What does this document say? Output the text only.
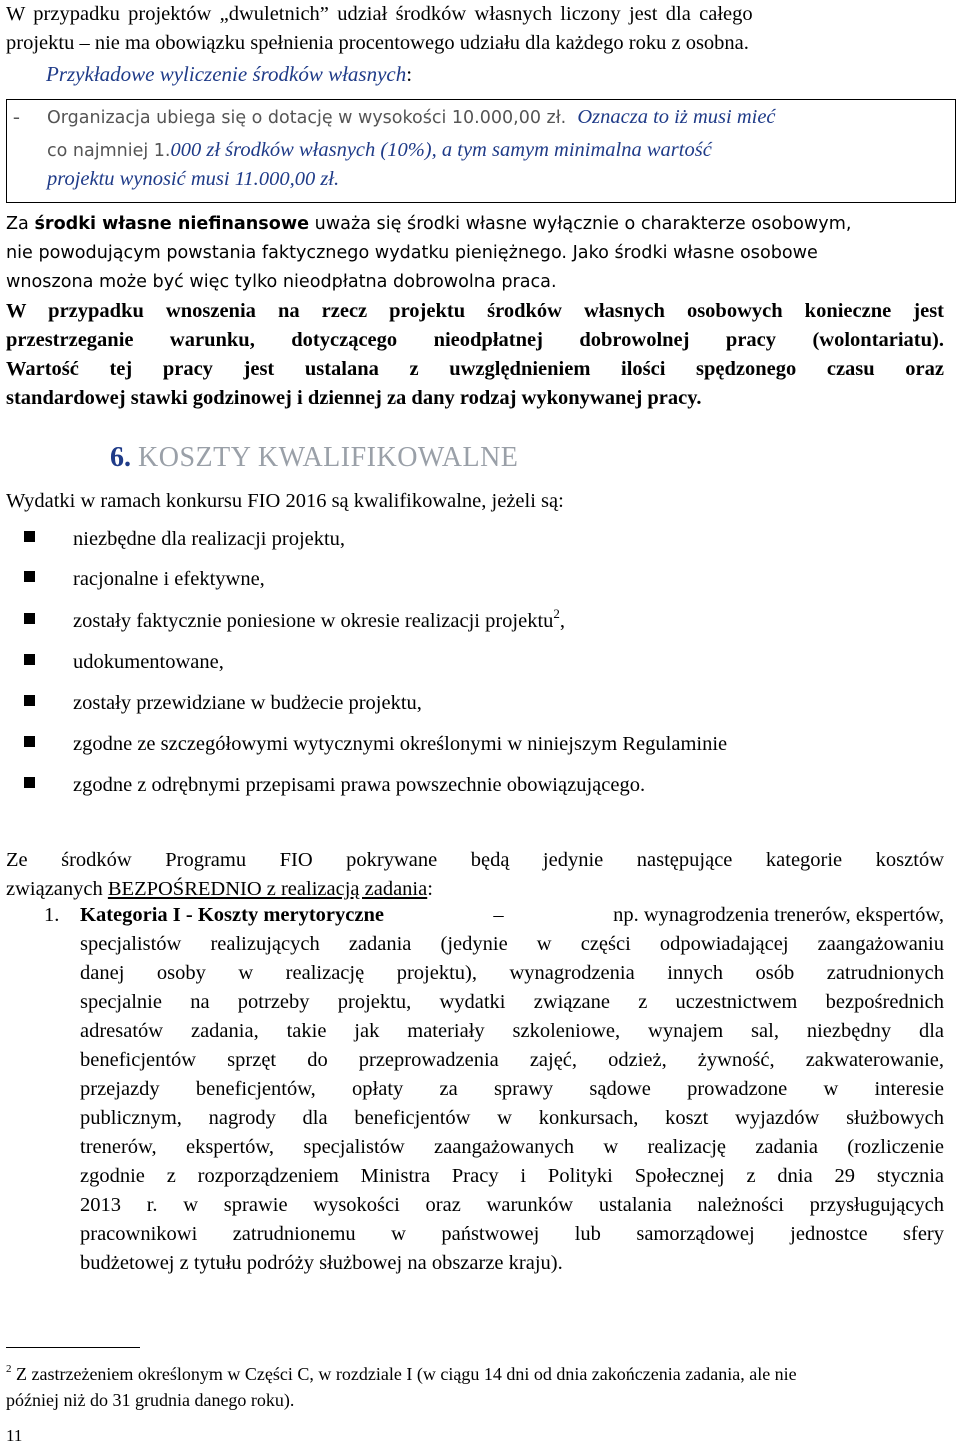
W przypadku projektów „dwuletnich” udział środków własnych liczony jest dla całego
projektu – nie ma obowiązku spełnienia procentowego udziału dla każdego roku z osobna.
Przykładowe wyliczenie środków własnych:
- Organizacja ubiega się o dotację w wysokości 10.000,00 zł. Oznacza to iż musi mieć
co najmniej 1.000 zł środków własnych (10%), a tym samym minimalna wartość
projektu wynosić musi 11.000,00 zł.
Za środki własne niefinansowe uważa się środki własne wyłącznie o charakterze osobowym,
nie powodującym powstania faktycznego wydatku pieniężnego. Jako środki własne osobowe
wnoszona może być więc tylko nieodpłatna dobrowolna praca.
W przypadku wnoszenia na rzecz projektu środków własnych osobowych konieczne jest
przestrzeganie warunku, dotyczącego nieodpłatnej dobrowolnej pracy (wolontariatu).
Wartość tej pracy jest ustalana z uwzględnieniem ilości spędzonego czasu oraz
standardowej stawki godzinowej i dziennej za dany rodzaj wykonywanej pracy.
6. KOSZTY KWALIFIKOWALNE
Wydatki w ramach konkursu FIO 2016 są kwalifikowalne, jeżeli są:
niezbędne dla realizacji projektu,
racjonalne i efektywne,
zostały faktycznie poniesione w okresie realizacji projektu$^2$,
udokumentowane,
zostały przewidziane w budżecie projektu,
zgodne ze szczegółowymi wytycznymi określonymi w niniejszym Regulaminie
zgodne z odrębnymi przepisami prawa powszechnie obowiązującego.
Ze środków Programu FIO pokrywane będą jedynie następujące kategorie kosztów
związanych BEZPOŚREDNIO z realizacją zadania:
1. Kategoria I - Koszty merytoryczne	–	np. wynagrodzenia trenerów, ekspertów,
specjalistów realizujących zadania (jedynie w części odpowiadającej zaangażowaniu
danej osoby w realizację projektu), wynagrodzenia innych osób zatrudnionych
specjalnie na potrzeby projektu, wydatki związane z uczestnictwem bezpośrednich
adresatów zadania, takie jak materiały szkoleniowe, wynajem sal, niezbędny dla
beneficjentów sprzęt do przeprowadzenia zajęć, odzież, żywność, zakwaterowanie,
przejazdy beneficjentów, opłaty za sprawy sądowe prowadzone w interesie
publicznym, nagrody dla beneficjentów w konkursach, koszt wyjazdów służbowych
trenerów, ekspertów, specjalistów zaangażowanych w realizację zadania (rozliczenie
zgodnie z rozporządzeniem Ministra Pracy i Polityki Społecznej z dnia 29 stycznia
2013 r. w sprawie wysokości oraz warunków ustalania należności przysługujących
pracownikowi zatrudnionemu w państwowej lub samorządowej jednostce sfery
budżetowej z tytułu podróży służbowej na obszarze kraju).
$^2$ Z zastrzeżeniem określonym w Części C, w rozdziale I (w ciągu 14 dni od dnia zakończenia zadania, ale nie
później niż do 31 grudnia danego roku).
11
